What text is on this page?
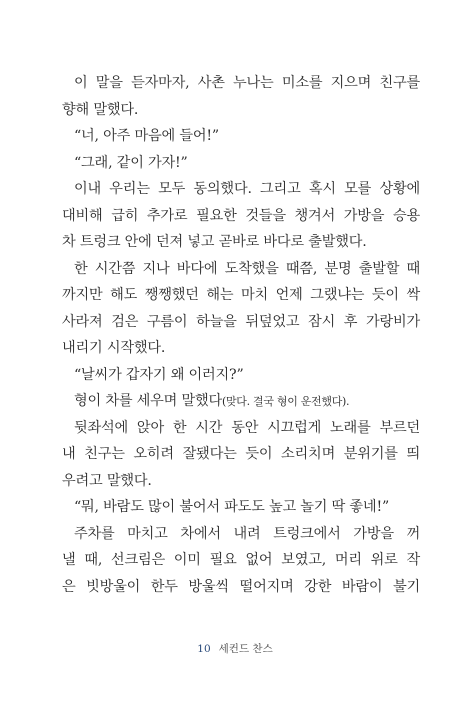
이 말을 듣자마자, 사촌 누나는 미소를 지으며 친구를
향해 말했다.
“너, 아주 마음에 들어!”
“그래, 같이 가자!”
이내 우리는 모두 동의했다. 그리고 혹시 모를 상황에
대비해 급히 추가로 필요한 것들을 챙겨서 가방을 승용
차 트렁크 안에 던져 넣고 곧바로 바다로 출발했다.
한 시간쯤 지나 바다에 도착했을 때쯤, 분명 출발할 때
까지만 해도 쨍쨍했던 해는 마치 언제 그랬냐는 듯이 싹
사라져 검은 구름이 하늘을 뒤덮었고 잠시 후 가랑비가
내리기 시작했다.
“날씨가 갑자기 왜 이러지?”
형이 차를 세우며 말했다(맞다. 결국 형이 운전했다).
뒷좌석에 앉아 한 시간 동안 시끄럽게 노래를 부르던
내 친구는 오히려 잘됐다는 듯이 소리치며 분위기를 띄
우려고 말했다.
“뭐, 바람도 많이 불어서 파도도 높고 놀기 딱 좋네!”
주차를 마치고 차에서 내려 트렁크에서 가방을 꺼
낼 때, 선크림은 이미 필요 없어 보였고, 머리 위로 작
은 빗방울이 한두 방울씩 떨어지며 강한 바람이 불기
10 세컨드 찬스
